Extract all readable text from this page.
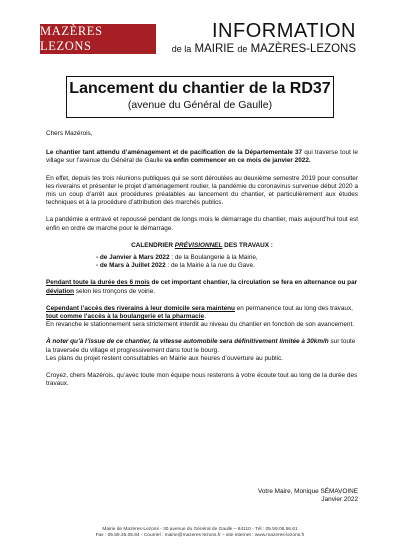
MAZÈRES LEZONS
INFORMATION
de la MAIRIE de MAZÈRES-LEZONS
Lancement du chantier de la RD37
(avenue du Général de Gaulle)

Chers Mazérois,

Le chantier tant attendu d’aménagement et de pacification de la Départementale 37 qui traverse tout le village sur l’avenue du Général de Gaulle va enfin commencer en ce mois de janvier 2022.

En effet, depuis les trois réunions publiques qui se sont déroulées au deuxième semestre 2019 pour consulter les riverains et présenter le projet d’aménagement routier, la pandémie du coronavirus survenue début 2020 a mis un coup d’arrêt aux procédures préalables au lancement du chantier, et particulièrement aux études techniques et à la procédure d’attribution des marchés publics.

La pandémie a entravé et repoussé pendant de longs mois le démarrage du chantier, mais aujourd’hui tout est enfin en ordre de marche pour le démarrage.

CALENDRIER PRÉVISIONNEL DES TRAVAUX :

- de Janvier à Mars 2022 : de la Boulangerie à la Mairie,

- de Mars à Juillet 2022 : de la Mairie à la rue du Gave.

Pendant toute la durée des 6 mois de cet important chantier, la circulation se fera en alternance ou par déviation selon les tronçons de voirie.

Cependant l’accès des riverains à leur domicile sera maintenu en permanence tout au long des travaux, tout comme l’accès à la boulangerie et la pharmacie.

En revanche le stationnement sera strictement interdit au niveau du chantier en fonction de son avancement.

À noter qu’à l’issue de ce chantier, la vitesse automobile sera définitivement limitée à 30km/h sur toute la traversée du village et progressivement dans tout le bourg.

Les plans du projet restent consultables en Mairie aux heures d’ouverture au public.

Croyez, chers Mazérois, qu’avec toute mon équipe nous resterons à votre écoute tout au long de la durée des travaux.

Votre Maire, Monique SÉMAVOINE
Janvier 2022
Mairie de Mazères-Lezons - 30 avenue du Général de Gaulle – 64110 - Tél : 05.59.06.56.61
Fax : 05.59.35.05.84 - Courriel : mairie@mazeres-lezons.fr – site internet : www.mazeres-lezons.fr
